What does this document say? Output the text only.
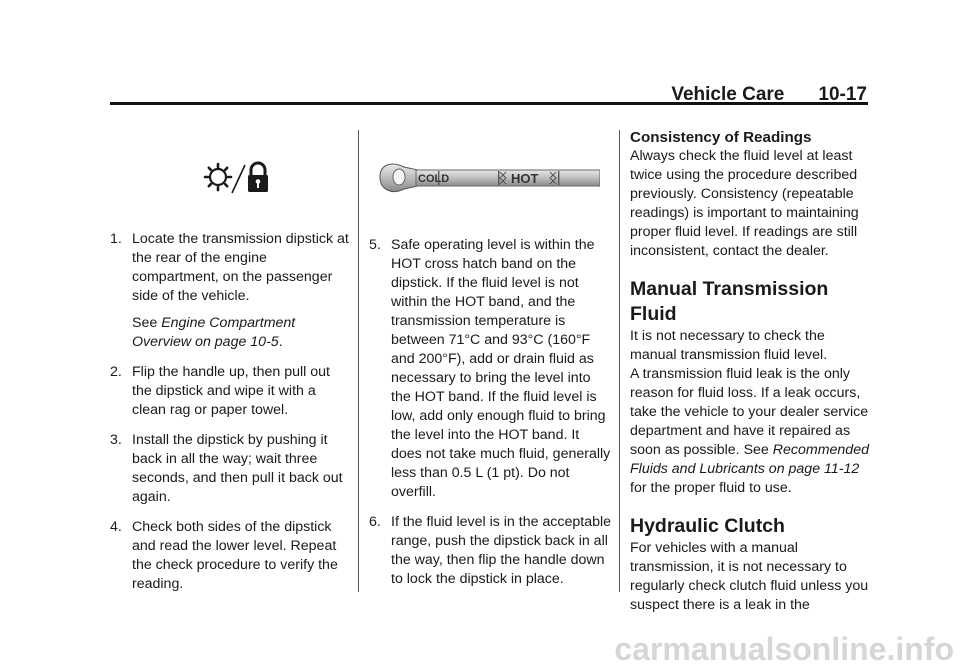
Vehicle Care 10-17
1. Locate the transmission dipstick at the rear of the engine compartment, on the passenger side of the vehicle.

See Engine Compartment Overview on page 10-5.

2. Flip the handle up, then pull out the dipstick and wipe it with a clean rag or paper towel.

3. Install the dipstick by pushing it back in all the way; wait three seconds, and then pull it back out again.

4. Check both sides of the dipstick and read the lower level. Repeat the check procedure to verify the reading.

COLD	HOT
5. Safe operating level is within the HOT cross hatch band on the dipstick. If the fluid level is not within the HOT band, and the transmission temperature is between 71°C and 93°C (160°F and 200°F), add or drain fluid as necessary to bring the level into the HOT band. If the fluid level is low, add only enough fluid to bring the level into the HOT band. It does not take much fluid, generally less than 0.5 L (1 pt). Do not overfill.

6. If the fluid level is in the acceptable range, push the dipstick back in all the way, then flip the handle down to lock the dipstick in place.

Consistency of Readings

Always check the fluid level at least twice using the procedure described previously. Consistency (repeatable readings) is important to maintaining proper fluid level. If readings are still inconsistent, contact the dealer.

Manual Transmission Fluid

It is not necessary to check the manual transmission fluid level.

A transmission fluid leak is the only reason for fluid loss. If a leak occurs, take the vehicle to your dealer service department and have it repaired as soon as possible. See Recommended Fluids and Lubricants on page 11-12 for the proper fluid to use.

Hydraulic Clutch

For vehicles with a manual transmission, it is not necessary to regularly check clutch fluid unless you suspect there is a leak in the

carmanualsonline.info
